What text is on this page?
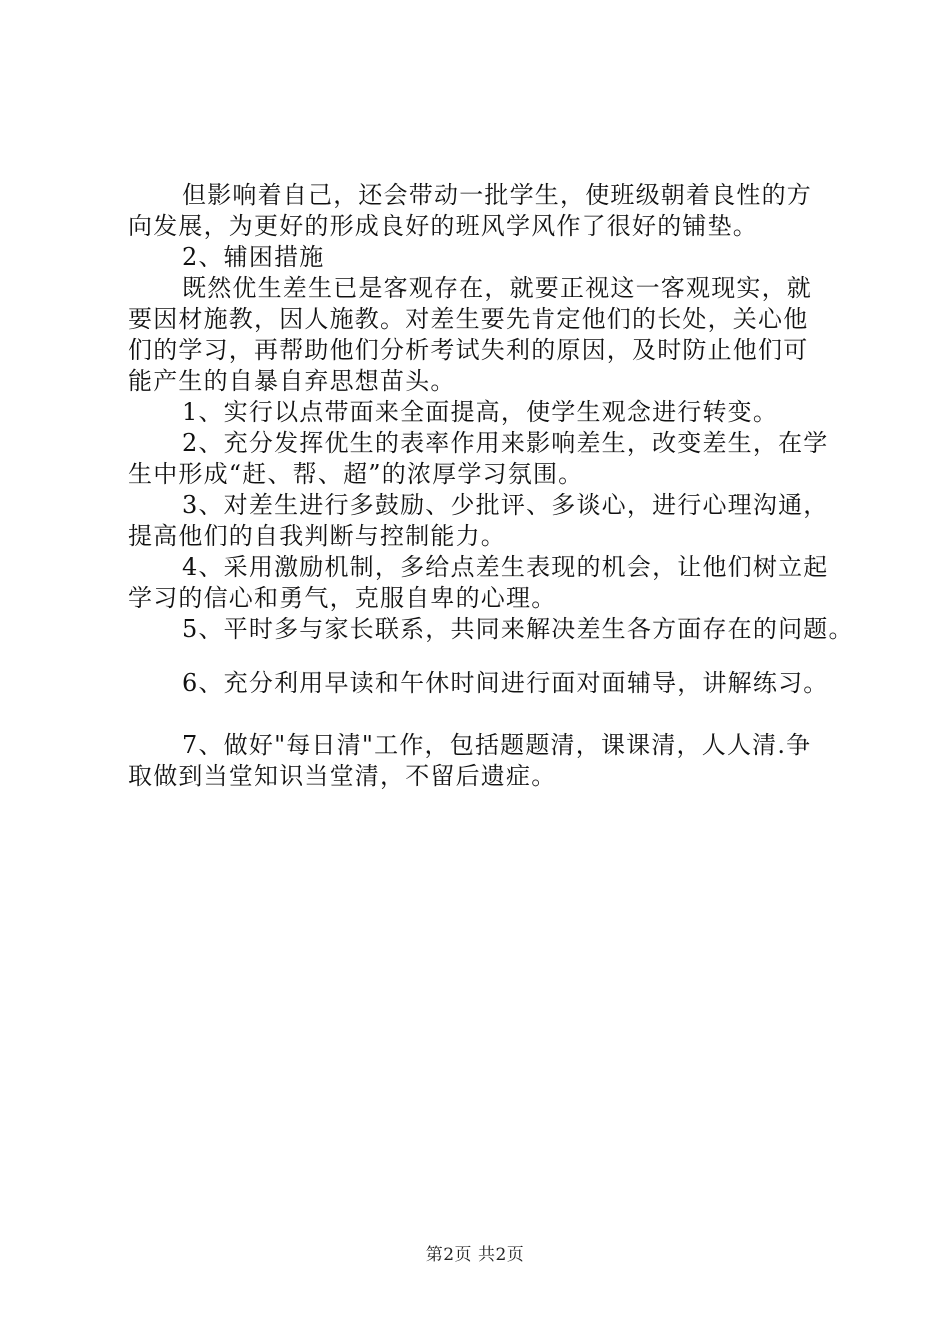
但影响着自己，还会带动一批学生，使班级朝着良性的方
向发展，为更好的形成良好的班风学风作了很好的铺垫。
2、辅困措施
既然优生差生已是客观存在，就要正视这一客观现实，就
要因材施教，因人施教。对差生要先肯定他们的长处，关心他
们的学习，再帮助他们分析考试失利的原因，及时防止他们可
能产生的自暴自弃思想苗头。
1、实行以点带面来全面提高，使学生观念进行转变。
2、充分发挥优生的表率作用来影响差生，改变差生，在学
生中形成“赶、帮、超”的浓厚学习氛围。
3、对差生进行多鼓励、少批评、多谈心，进行心理沟通，
提高他们的自我判断与控制能力。
4、采用激励机制，多给点差生表现的机会，让他们树立起
学习的信心和勇气，克服自卑的心理。
5、平时多与家长联系，共同来解决差生各方面存在的问题。
6、充分利用早读和午休时间进行面对面辅导，讲解练习。
7、做好"每日清"工作，包括题题清，课课清，人人清.争
取做到当堂知识当堂清，不留后遗症。
第2页 共2页
